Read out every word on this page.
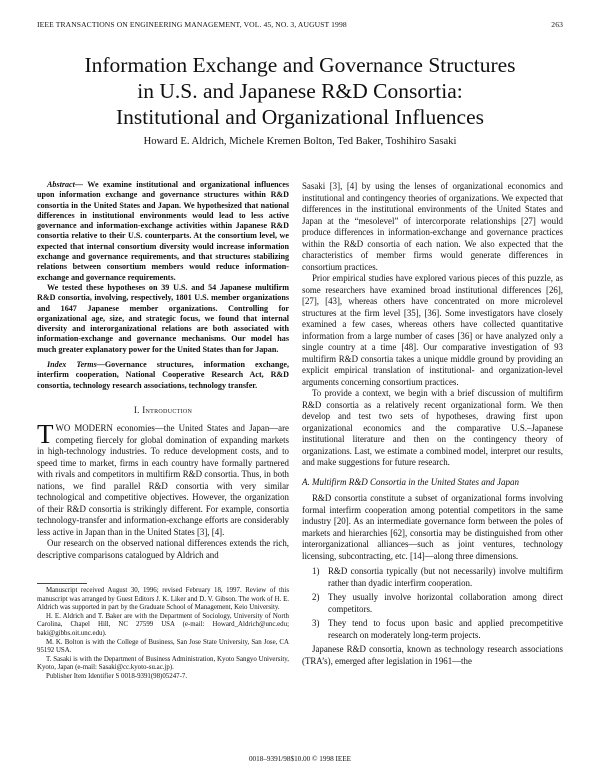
IEEE TRANSACTIONS ON ENGINEERING MANAGEMENT, VOL. 45, NO. 3, AUGUST 1998	263
Information Exchange and Governance Structures
in U.S. and Japanese R&D Consortia:
Institutional and Organizational Influences
Howard E. Aldrich, Michele Kremen Bolton, Ted Baker, Toshihiro Sasaki

Abstract— We examine institutional and organizational influences upon information exchange and governance structures within R&D consortia in the United States and Japan. We hypothesized that national differences in institutional environments would lead to less active governance and information-exchange activities within Japanese R&D consortia relative to their U.S. counterparts. At the consortium level, we expected that internal consortium diversity would increase information exchange and governance requirements, and that structures stabilizing relations between consortium members would reduce information-exchange and governance requirements.

We tested these hypotheses on 39 U.S. and 54 Japanese multifirm R&D consortia, involving, respectively, 1801 U.S. member organizations and 1647 Japanese member organizations. Controlling for organizational age, size, and strategic focus, we found that internal diversity and interorganizational relations are both associated with information-exchange and governance mechanisms. Our model has much greater explanatory power for the United States than for Japan.

Index Terms—Governance structures, information exchange, interfirm cooperation, National Cooperative Research Act, R&D consortia, technology research associations, technology transfer.

I. Introduction

TWO MODERN economies—the United States and Japan—are competing fiercely for global domination of expanding markets in high-technology industries. To reduce development costs, and to speed time to market, firms in each country have formally partnered with rivals and competitors in multifirm R&D consortia. Thus, in both nations, we find parallel R&D consortia with very similar technological and competitive objectives. However, the organization of their R&D consortia is strikingly different. For example, consortia technology-transfer and information-exchange efforts are considerably less active in Japan than in the United States [3], [4].

Our research on the observed national differences extends the rich, descriptive comparisons catalogued by Aldrich and

Manuscript received August 30, 1996; revised February 18, 1997. Review of this manuscript was arranged by Guest Editors J. K. Liker and D. V. Gibson. The work of H. E. Aldrich was supported in part by the Graduate School of Management, Keio University.

H. E. Aldrich and T. Baker are with the Department of Sociology, University of North Carolina, Chapel Hill, NC 27599 USA (e-mail: Howard_Aldrich@unc.edu; baki@gibbs.oit.unc.edu).

M. K. Bolton is with the College of Business, San Jose State University, San Jose, CA 95192 USA.

T. Sasaki is with the Department of Business Administration, Kyoto Sangyo University, Kyoto, Japan (e-mail: Sasaki@cc.kyoto-su.ac.jp).

Publisher Item Identifier S 0018-9391(98)05247-7.

Sasaki [3], [4] by using the lenses of organizational economics and institutional and contingency theories of organizations. We expected that differences in the institutional environments of the United States and Japan at the “mesolevel” of intercorporate relationships [27] would produce differences in information-exchange and governance practices within the R&D consortia of each nation. We also expected that the characteristics of member firms would generate differences in consortium practices.

Prior empirical studies have explored various pieces of this puzzle, as some researchers have examined broad institutional differences [26], [27], [43], whereas others have concentrated on more microlevel structures at the firm level [35], [36]. Some investigators have closely examined a few cases, whereas others have collected quantitative information from a large number of cases [36] or have analyzed only a single country at a time [48]. Our comparative investigation of 93 multifirm R&D consortia takes a unique middle ground by providing an explicit empirical translation of institutional- and organization-level arguments concerning consortium practices.

To provide a context, we begin with a brief discussion of multifirm R&D consortia as a relatively recent organizational form. We then develop and test two sets of hypotheses, drawing first upon organizational economics and the comparative U.S.–Japanese institutional literature and then on the contingency theory of organizations. Last, we estimate a combined model, interpret our results, and make suggestions for future research.

A. Multifirm R&D Consortia in the United States and Japan

R&D consortia constitute a subset of organizational forms involving formal interfirm cooperation among potential competitors in the same industry [20]. As an intermediate governance form between the poles of markets and hierarchies [62], consortia may be distinguished from other interorganizational alliances—such as joint ventures, technology licensing, subcontracting, etc. [14]—along three dimensions.

1) R&D consortia typically (but not necessarily) involve multifirm rather than dyadic interfirm cooperation.
2) They usually involve horizontal collaboration among direct competitors.
3) They tend to focus upon basic and applied precompetitive research on moderately long-term projects.

Japanese R&D consortia, known as technology research associations (TRA’s), emerged after legislation in 1961—the

0018–9391/98$10.00 © 1998 IEEE
